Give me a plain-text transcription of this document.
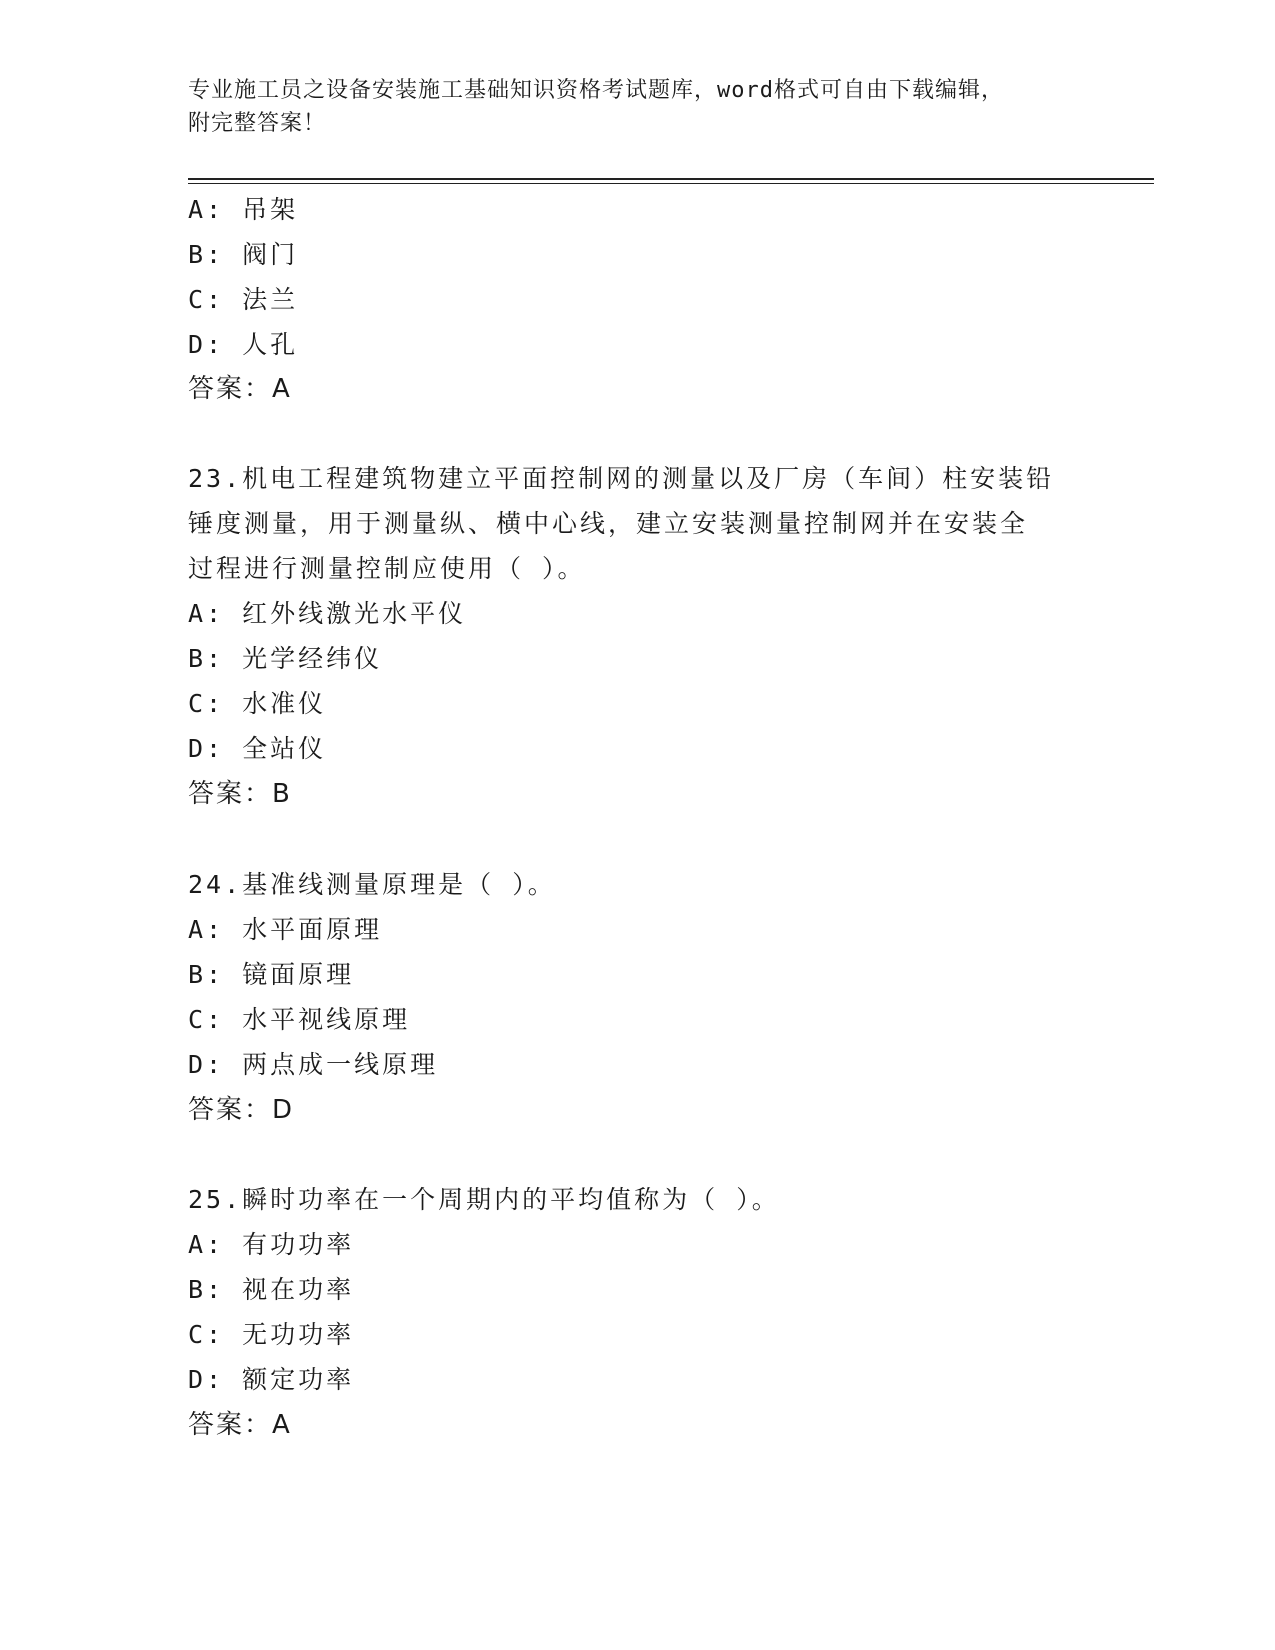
专业施工员之设备安装施工基础知识资格考试题库，word格式可自由下载编辑，
附完整答案！
A: 吊架
B: 阀门
C: 法兰
D: 人孔
答案：A
23.机电工程建筑物建立平面控制网的测量以及厂房（车间）柱安装铅
锤度测量，用于测量纵、横中心线，建立安装测量控制网并在安装全
过程进行测量控制应使用（ ）。
A: 红外线激光水平仪
B: 光学经纬仪
C: 水准仪
D: 全站仪
答案：B
24.基准线测量原理是（ ）。
A: 水平面原理
B: 镜面原理
C: 水平视线原理
D: 两点成一线原理
答案：D
25.瞬时功率在一个周期内的平均值称为（ ）。
A: 有功功率
B: 视在功率
C: 无功功率
D: 额定功率
答案：A
